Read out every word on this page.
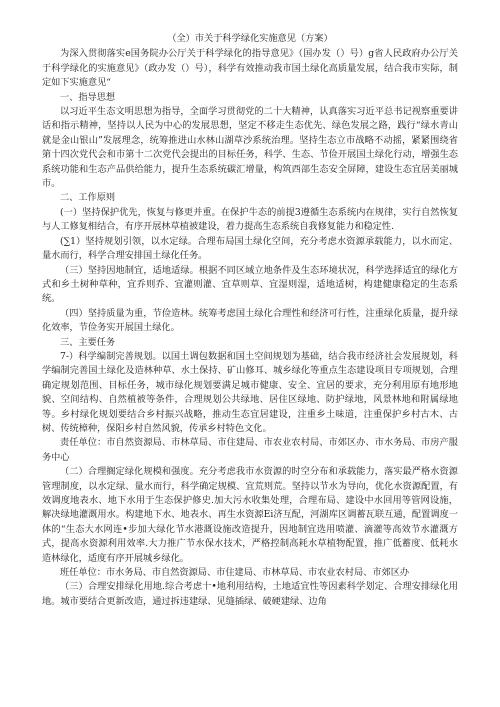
（全）市关于科学绿化实施意见（方案）

为深入贯彻落实e国务院办公厅关于科学绿化的指导意见》（国办发（）号）g省人民政府办公厅关于科学绿化的实施意见》（政办发（）号），科学有效推动我市国土绿化高质量发展，结合我市实际，制定如下实施意见“

一、指导思想

以习近平生态文明思想为指导，全面学习贯彻党的二十大精神，认真落实习近平总书记视察重要讲话和指示精神，坚持以人民为中心的发展思想，坚定不移走生态优先、绿色发展之路，践行“绿水青山就是金山银山”发展理念，统筹推进山水林山湖草沙系统治理。坚持生态立市战略不动摇，紧紧围绕省第十四次党代会和市第十二次党代会提出的目标任务，科学、生态、节俭开展国土绿化行动，增强生态系统功能和生态产品供给能力，提升生态系统碳汇增量，构筑西部生态安全屏障，建设生态宜居美丽城市。

二、工作原则

(一）坚持保护优先，恢复与修更并重。在保护牛态的前提3遵循生态系统内在规律，实行自然恢复与人工修复相结合，有序开展林草植被建设，着力提高生态系统自我修复能力和稳定性.

(∑1）坚持规划引领，以水定绿。合理布局国土绿化空间，充分考虑水资源承载能力，以水而定、量水而行，科学合理安排国土绿化任务。

（三）坚持因地制宜，适地适绿。根据不同区域立地条件及生态环境状况，科学选择适宜的绿化方式和乡土树种草种，宜乔则乔、宜灌则灌、宜草则草、宜湿则湿，适地适树，构建健康稳定的生态系统。

（四）坚持质量为重，节俭造林。统筹考虑国土绿化合理性和经济可行性，注重绿化质量，提升绿化效率，节俭务实开展国土绿化。

三、主要任务

7-）科学编制完善规划。以国土调包数据和国土空间规划为基础，结合我市经济社会发展规划，科学编制完善国土绿化及造林种草、水土保持、矿山修耳、城乡绿化等重点生态建设项目专项规划，合理确定规划范围、目标任务，城市绿化规划要满足城市健康、安全、宜居的要求，充分利用原有地形地貌、空间结构、自然植被等条件，合理规划公共绿地、居住区绿地、防护绿地，风景林地和附属绿地等。乡村绿化规划要结合乡村振兴战略，推动生态宜居建设，注重乡土味道，注重保护乡村古木、古树、传统樟种，保阳乡村自然风貌，传承乡村特色文化。

责任单位：市自然资源局、市林草局、市住建局、市农业农村局、市郊区办、市水务局、市房产服务中心

（二）合理搁定绿化规模和强度。充分考虑我市水资源的时空分布和承载能力，落实最严格水资源管理制度，以水定绿、量水而行，科学确定规模、宜荒则荒。坚持以节水为导向，优化水资源配置，有效调度地表水、地下水用于生态保护修史.加大污水收集处理，合理布局、建设中水回用等管网设施，解决绿地灌溉用水。构建地下水、地表水、再生水资源Ei济互配，河湖库区调蓄瓦联互通，配置调度一体的“生态大水网连•步加大绿化节水港溉设施改造提升，因地制宜选用喷灌、滴灌等高效节水灌溉方式，提高水资源利用效率.大力推广节水保水技术，严格控制高耗水草植物配置，推广低蓄度、低耗水造林绿化，适度有序开展城乡绿化。

班任单位：市水务局、市自然资源局、市住建局、市林草局、市农业农村局、市郊区办

（三）合理安排绿化用地.综合考虑十•地利用结构，土地适宜性等因素科学划定、合理安排绿化用地。城市要结合更新改造，通过拆违建绿、见缝插绿、破硬建绿、边角
